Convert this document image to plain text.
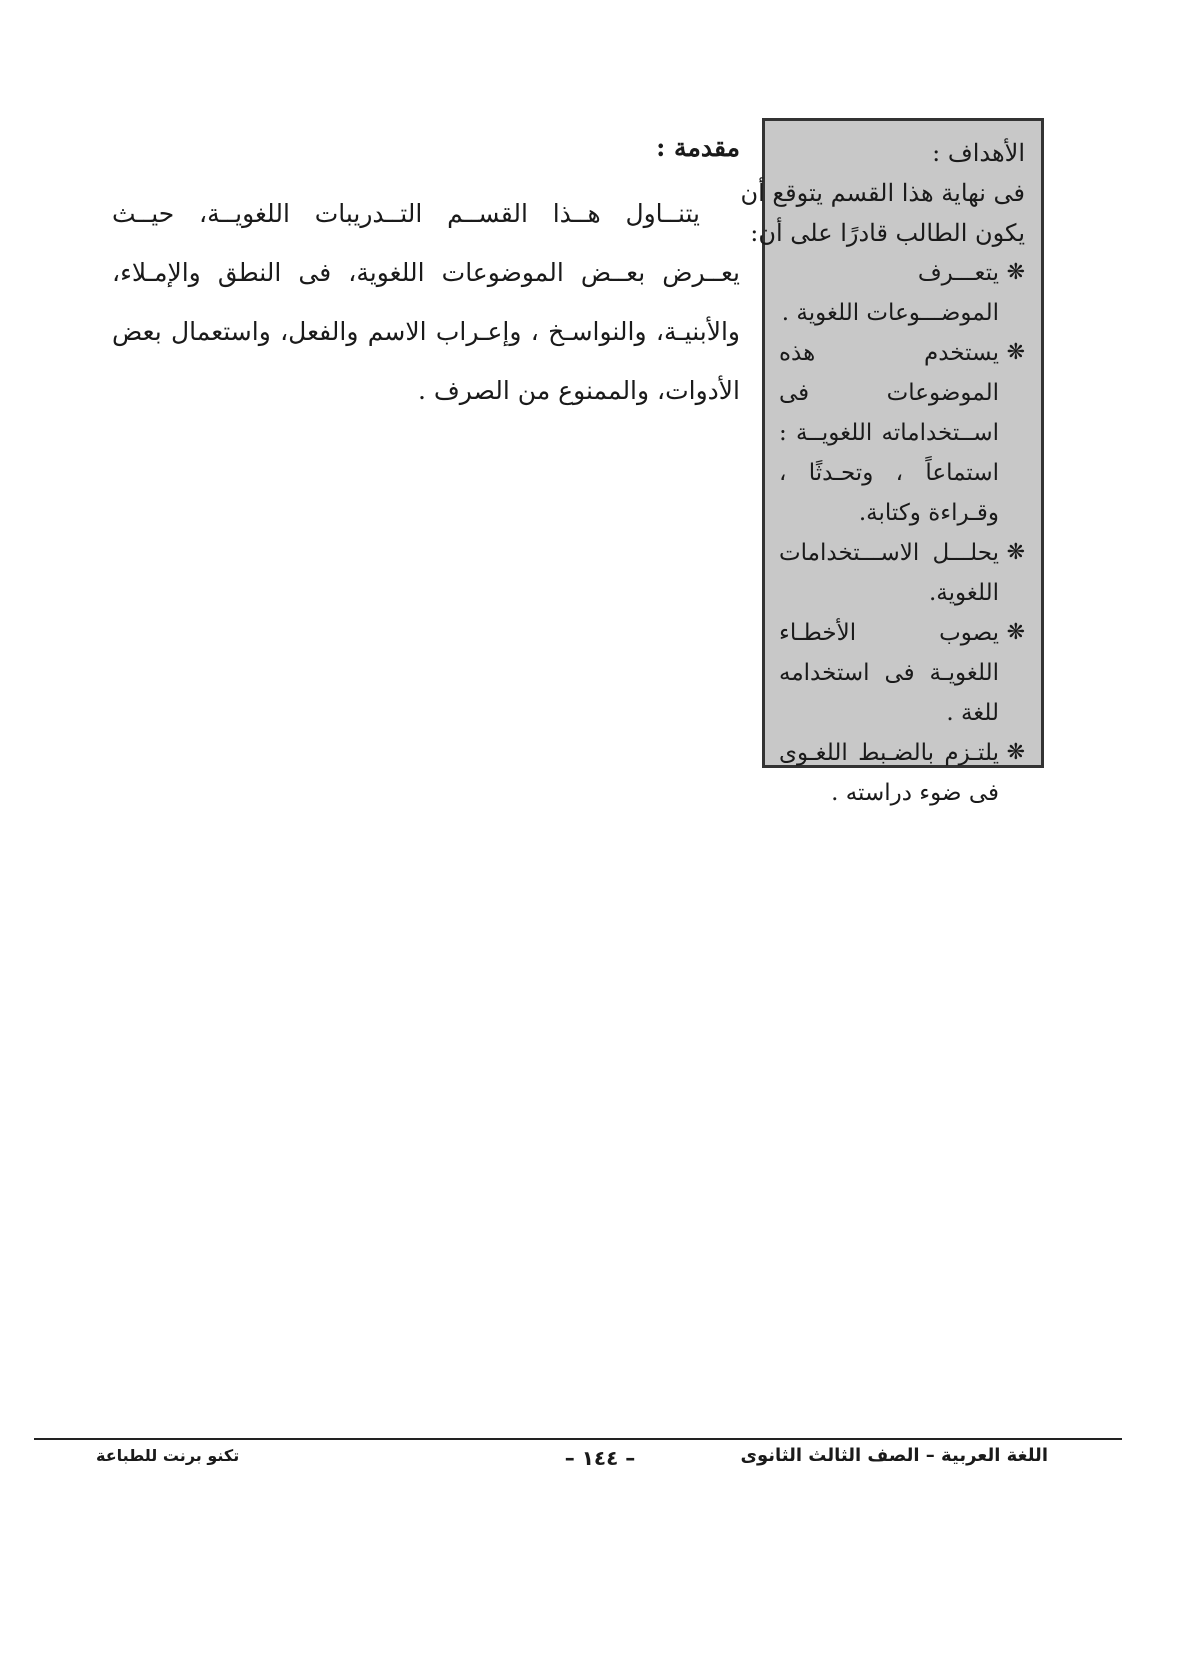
الأهداف :

فى نهاية هذا القسم يتوقع أن

يكون الطالب قادرًا على أن:

❋
يتعـــرف الموضـــوعات اللغوية .
❋
يستخدم هذه الموضوعات فى اســتخداماته اللغويــة : استماعاً ، وتحـدثًا ، وقـراءة وكتابة.
❋
يحلـــل الاســـتخدامات اللغوية.
❋
يصوب الأخطـاء اللغويـة فى استخدامه للغة .
❋
يلتـزم بالضـبط اللغـوى فى ضوء دراسته .
مقدمة :

يتنــاول هــذا القســم التــدريبات اللغويــة، حيــث يعــرض بعــض الموضوعات اللغوية، فى النطق والإمـلاء، والأبنيـة، والنواسـخ ، وإعـراب الاسم والفعل، واستعمال بعض الأدوات، والممنوع من الصرف .

اللغة العربية – الصف الثالث الثانوى
– ١٤٤ –
تكنو برنت للطباعة
